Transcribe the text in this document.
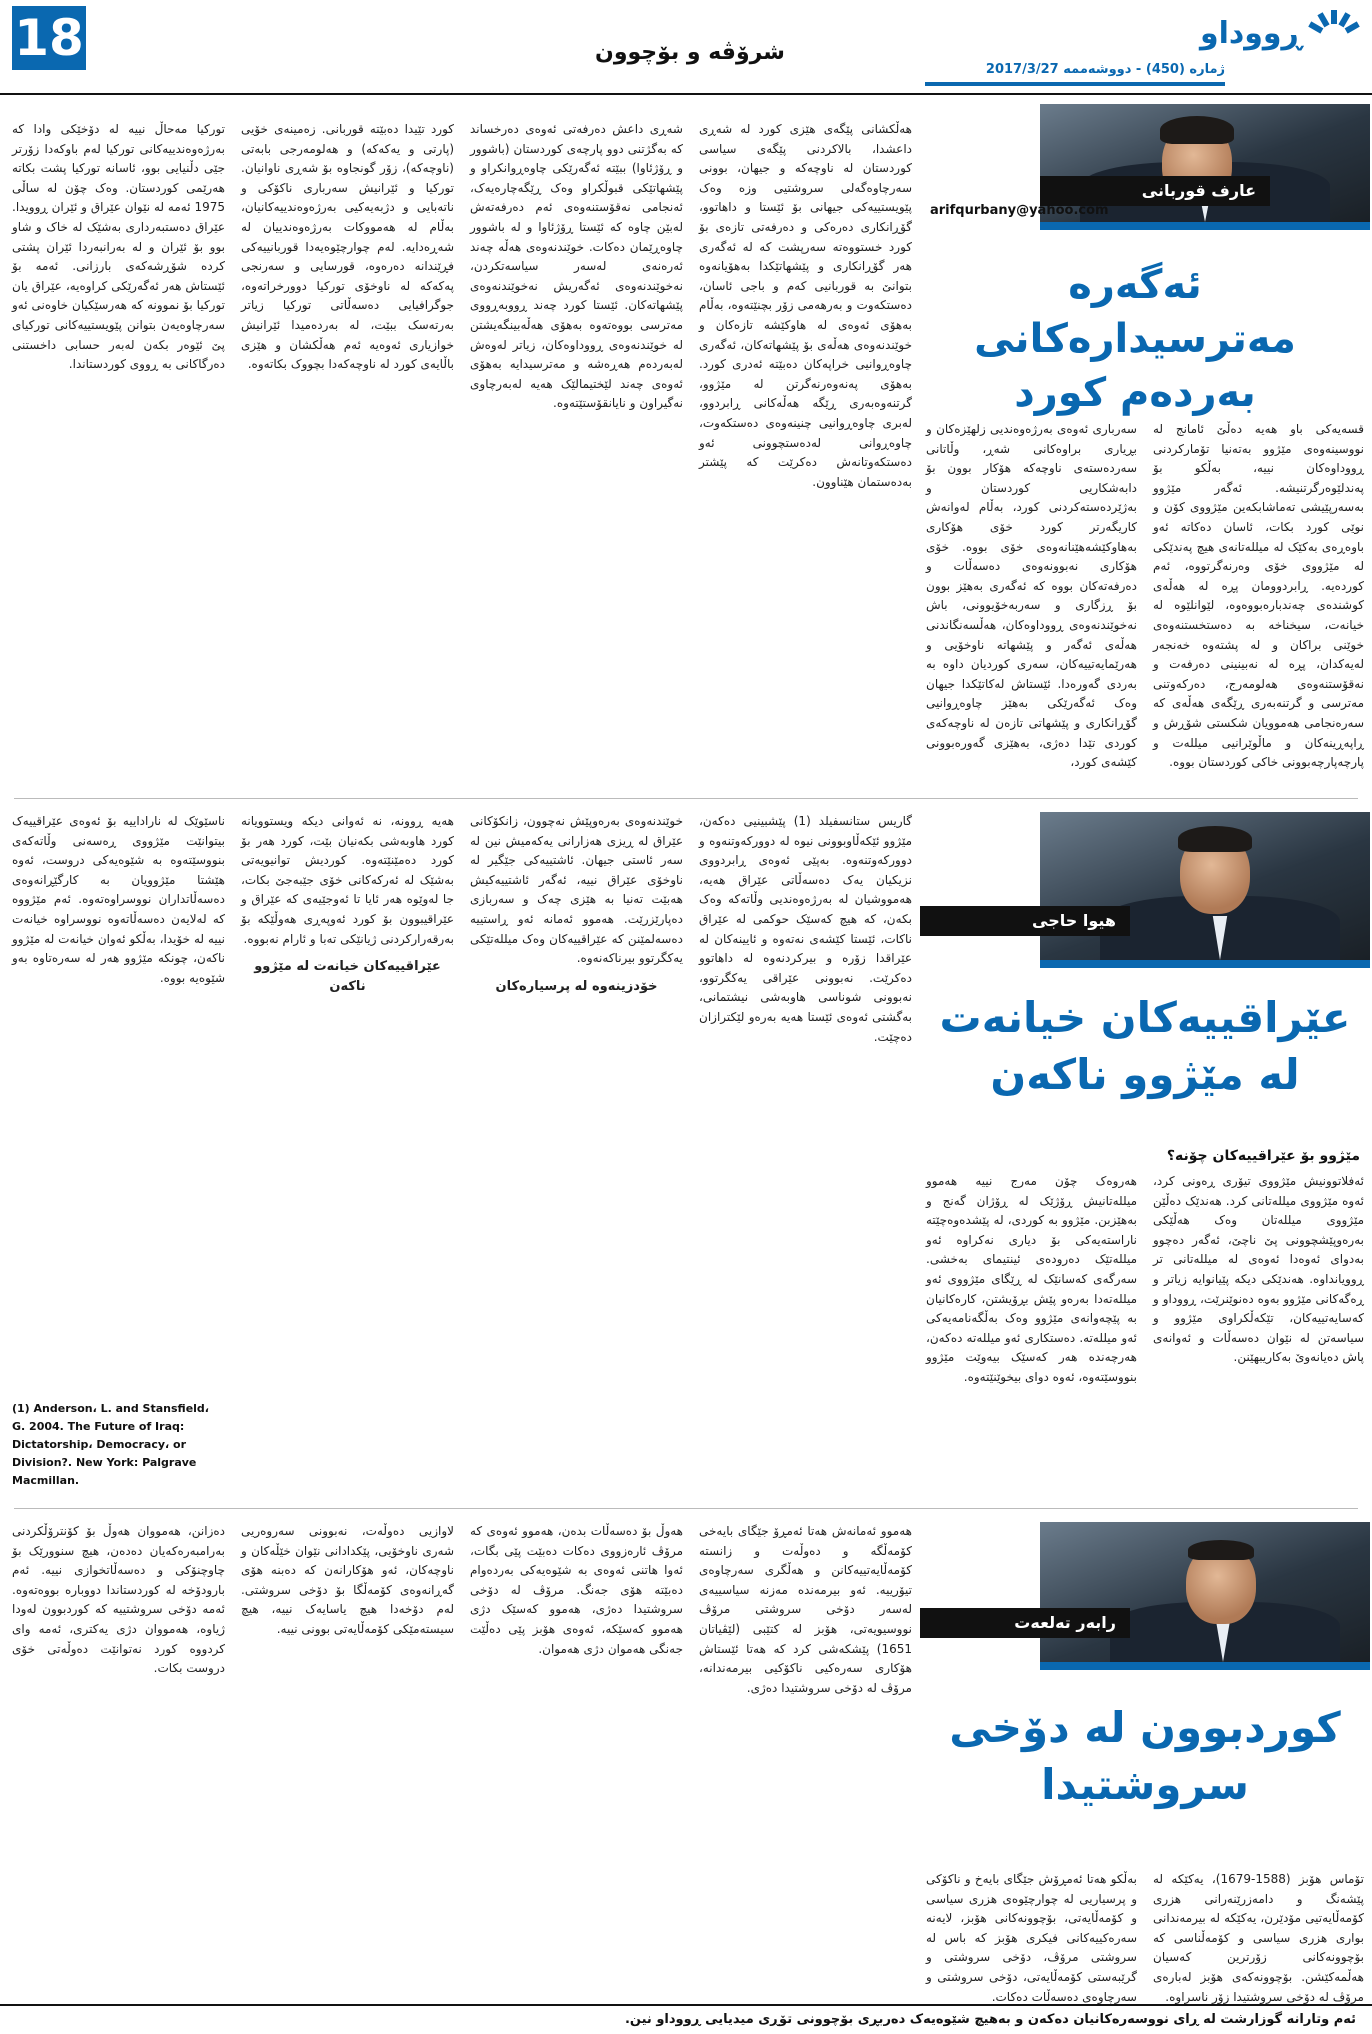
18	شرۆڤە و بۆچوون
ژمارە (450) - دووشەممە 2017/3/27
ڕووداو
عارف قوربانی
arifqurbany@yahoo.com
ئەگەرە مەترسیدارەکانی بەردەم کورد
هەڵکشانی پێگەی هێزی کورد لە شەڕی داعشدا، بالاکردنی پێگەی سیاسی کوردستان لە ناوچەکە و جیهان، بوونی سەرچاوەگەلی سروشتیی وزە وەک پێویستییەکی جیهانی بۆ ئێستا و داهاتوو، گۆڕانکاری دەرەکی و دەرفەتی تازەی بۆ کورد خستووەتە سەرپشت کە لە ئەگەری هەر گۆڕانکاری و پێشهاتێکدا بەهۆیانەوە بتوانێ بە قوربانیی کەم و باجی ئاسان، دەستکەوت و بەرهەمی زۆر بچنێتەوە، بەڵام بەهۆی ئەوەی لە هاوکێشە تازەکان و خوێندنەوەی هەڵەی بۆ پێشهاتەکان، ئەگەری چاوەڕوانیی خراپەکان دەبێتە ئەدری کورد. بەهۆی پەنەوەرنەگرتن لە مێژوو، گرتنەوەبەری ڕێگە هەڵەکانی ڕابردوو، لەبری چاوەڕوانیی چنینەوەی دەستکەوت، چاوەڕوانی لەدەستچوونی ئەو دەستکەوتانەش دەکرێت کە پێشتر بەدەستمان هێناوون.
شەڕی داعش دەرفەتی ئەوەی دەرخساند کە بەگژتنی دوو پارچەی کوردستان (باشوور و ڕۆژئاوا) ببێتە ئەگەرێکی چاوەڕوانکراو و پێشهاتێکی قبوڵکراو وەک ڕێگەچارەیەک، ئەنجامی نەقۆستنەوەی ئەم دەرفەتەش لەبێن چاوە کە ئێستا ڕۆژئاوا و لە باشوور چاوەڕێمان دەکات. خوێندنەوەی هەڵە چەند ئەرەنەی لەسەر سیاسەتکردن، نەخوێندنەوەی ئەگەریش نەخوێندنەوەی پێشهاتەکان. ئێستا کورد چەند ڕووبەڕووی مەترسی بووەتەوە بەهۆی هەڵەبینگەیشتن لە خوێندنەوەی ڕووداوەکان، زیاتر لەوەش لەبەردەم هەڕەشە و مەترسیدایە بەهۆی ئەوەی چەند لێختیمالێک هەیە لەبەرچاوی نەگیراون و نایانقۆستێتەوە.
کورد تێیدا دەبێتە قوربانی. زەمینەی خۆیی (پارتی و یەکەکە) و هەلومەرجی بابەتی (ناوچەکە)، زۆر گونجاوە بۆ شەڕی ناوانیان. تورکیا و ئێرانیش سەربارى ناکۆکی و ناتەبایی و دژبەیەکیی بەرژەوەندییەکانیان، بەڵام لە هەمووکات بەرژەوەندییان لە شەڕەدایە. لەم چوارچێوەیەدا قوربانییەکی فڕێندانە دەرەوە، قورسایی و سەرنجی پەکەکە لە ناوخۆی تورکیا دوورخراتەوە، جوگرافیایی دەسەڵاتی تورکیا زیاتر بەرتەسک ببێت، لە بەردەمیدا ئێرانیش خوازیاری ئەوەیە ئەم هەڵکشان و هێزی باڵایەی کورد لە ناوچەکەدا بچووک بکاتەوە.
تورکیا مەحاڵ نییە لە دۆخێکی وادا کە بەرژەوەندییەکانی تورکیا لەم باوکەدا زۆرتر جێی دڵنیایی بوو، ئاسانە تورکیا پشت بکاتە هەرێمی کوردستان. وەک چۆن لە ساڵی 1975 ئەمە لە نێوان عێراق و ئێران ڕوویدا. عێراق دەستبەرداری بەشێک لە خاک و شاو بوو بۆ ئێران و لە بەرانبەردا ئێران پشتی کردە شۆڕشەکەی بارزانی. ئەمە بۆ ئێستاش هەر ئەگەرێکی کراوەیە، عێراق یان تورکیا بۆ نموونە کە هەرسێکیان خاوەنی ئەو سەرچاوەیەن بتوانن پێویستییەکانی تورکیای پێ ئێوەر بکەن لەبەر حسابی داخستنی دەرگاکانی بە ڕووی کوردستاندا.
قسەیەکی باو هەیە دەڵێ ئامانج لە نووسینەوەی مێژوو بەتەنیا تۆمارکردنی ڕووداوەکان نییە، بەڵکو بۆ پەندلێوەرگرتنیشە. ئەگەر مێژوو بەسەرپێیشی تەماشابکەین مێژووی کۆن و نوێی کورد بکات، ئاسان دەکاتە ئەو باوەڕەی بەکێک لە میللەتانەی هیچ پەندێکی لە مێژووی خۆی وەرنەگرتووە، ئەم کوردەیە. ڕابردوومان پڕە لە هەڵەی کوشندەی چەندبارەبووەوە، لێوانلێوە لە خیانەت، سیخناخە بە دەستخستنەوەی خوێنی براکان و لە پشتەوە خەنجەر لەیەکدان، پڕە لە نەبینینی دەرفەت و نەقۆستنەوەی هەلومەرج، دەرکەوتنی مەترسی و گرتنەبەری ڕێگەی هەڵەی کە سەرەنجامی هەموویان شکستی شۆڕش و ڕاپەڕینەکان و ماڵوێرانیی میللەت و پارچەپارچەبوونی خاکی کوردستان بووە.
سەرباری ئەوەی بەرژەوەندیی زلهێزەکان و بڕیاری براوەکانی شەڕ، وڵاتانی سەردەستەی ناوچەکە هۆکار بوون بۆ دابەشکاریی کوردستان و بەژێردەستەکردنی کورد، بەڵام لەوانەش کاریگەرتر کورد خۆی هۆکاری بەهاوکێشەهێنانەوەی خۆی بووە. خۆی هۆکاری نەبوونەوەی دەسەڵات و دەرفەتەکان بووە کە ئەگەری بەهێز بوون بۆ ڕزگاری و سەربەخۆیوونی، باش نەخوێندنەوەی ڕووداوەکان، هەڵسەنگاندنی هەڵەی ئەگەر و پێشهاتە ناوخۆیی و هەرێمایەتییەکان، سەری کوردیان داوە بە بەردی گەورەدا. ئێستاش لەکاتێکدا جیهان وەک ئەگەرێکی بەهێز چاوەڕوانیی گۆڕانکاری و پێشهاتی تازەن لە ناوچەکەی کوردی تێدا دەژی، بەهێزی گەورەبوونی کێشەی کورد،
هیوا حاجی
عێراقییەکان خیانەت لە مێژوو ناکەن
مێژوو بۆ عێراقییەکان چۆنە؟
ئەفلاتوونیش مێژووی تیۆری ڕەونی کرد، ئەوە مێژووی میللەتانی کرد. هەندێک دەڵێن مێژووی میللەتان وەک هەڵێکی بەرەوپێشچوونی پێ ناچێ، ئەگەر دەچوو بەدوای ئەوەدا ئەوەی لە میللەتانی تر ڕوویانداوە. هەندێکی دیکە پێیانوایە زیاتر و ڕەگەکانی مێژوو بەوە دەنوێنرێت، ڕووداو و کەسایەتییەکان، تێکەڵکراوی مێژوو و سیاسەتن لە نێوان دەسەڵات و ئەوانەی پاش دەیانەوێ بەکاریبهێنن.
هەروەک چۆن مەرج نییە هەموو میللەتانیش ڕۆژێک لە ڕۆژان گەنج و بەهێزبن. مێژوو بە کوردی، لە پێشدەوەچێتە ناراستەیەکی بۆ دیاری نەکراوە ئەو میللەتێک دەرودەی ئینتیمای بەخشی. سەرگەی کەسانێک لە ڕێگای مێژووی ئەو میللەتەدا بەرەو پێش بڕۆیشتن، کارەکانیان بە پێچەوانەی مێژوو وەک بەڵگەنامەیەکی ئەو میللەتە. دەستکاری ئەو میللەتە دەکەن، هەرچەندە هەر کەسێک بیەوێت مێژوو بنووسێتەوە، ئەوە دوای بیخوێنێتەوە.
گاریس ستانسفیلد (1) پێشبینیی دەکەن، مێژوو ئێکەڵاوبوونی نیوە لە دوورکەوتنەوە و دوورکەوتنەوە. بەپێی ئەوەی ڕابردووی نزیکیان یەک دەسەڵاتی عێراق هەیە، هەمووشیان لە بەرژەوەندیی وڵاتەکە وەک بکەن، کە هیچ کەسێک حوکمی لە عێراق ناکات، ئێستا کێشەی نەتەوە و ئایینەکان لە عێراقدا زۆرە و بیرکردنەوە لە داهاتوو دەکرێت. نەبوونی عێراقی یەکگرتوو، نەبوونی شوناسی هاوبەشی نیشتمانی، بەگشتی ئەوەی ئێستا هەیە بەرەو لێکترازان دەچێت.
خوێندنەوەی بەرەوپێش نەچوون، زانکۆکانی عێراق لە ڕیزی هەزارانی یەکەمیش نین لە سەر ئاستی جیهان. ئاشتییەکی جێگیر لە ناوخۆی عێراق نییە، ئەگەر ئاشتییەکیش هەبێت تەنیا بە هێزی چەک و سەربازی دەپارێزرێت. هەموو ئەمانە ئەو ڕاستییە دەسەلمێنن کە عێراقییەکان وەک میللەتێکی یەکگرتوو بیرناکەنەوە.
خۆدزینەوە لە پرسیارەکان
هەیە ڕوونە، نە ئەوانی دیکە ویستوویانە کورد هاوبەشی بکەنیان بێت، کورد هەر بۆ کورد دەمێنێتەوە. کوردیش توانیویەتی بەشێک لە ئەرکەکانی خۆی جێبەجێ بکات، جا لەوێوە هەر ئایا تا ئەوجێیەی کە عێراق و عێراقیبوون بۆ کورد ئەوپەڕی هەوڵێکە بۆ بەرقەرارکردنی ژیانێکی تەبا و ئارام نەبووە.
عێراقییەکان خیانەت لە مێژوو ناکەن
ناسێوێک لە ناراداییە بۆ ئەوەی عێراقییەک بیتوانێت مێژووی ڕەسەنی وڵاتەکەی بنووسێتەوە بە شێوەیەکی دروست، ئەوە هێشتا مێژوویان بە کارگێڕانەوەی دەسەڵاتداران نووسراوەتەوە. ئەم مێژووە کە لەلایەن دەسەڵاتەوە نووسراوە خیانەت نییە لە خۆیدا، بەڵکو ئەوان خیانەت لە مێژوو ناکەن، چونکە مێژوو هەر لە سەرەتاوە بەو شێوەیە بووە.
(1) Anderson، L. and Stansfield، G. 2004. The Future of Iraq: Dictatorship، Democracy، or Division?. New York: Palgrave Macmillan.
رابەر تەلعەت
کوردبوون لە دۆخی سروشتیدا
تۆماس هۆبز (1588-1679)، یەکێکە لە پێشەنگ و دامەزرێنەرانی هزری کۆمەڵایەتیی مۆدێرن، یەکێکە لە بیرمەندانی بواری هزری سیاسی و کۆمەڵناسی کە بۆچوونەکانی زۆرترین کەسیان هەڵمەکێشن. بۆچوونەکەی هۆبز لەبارەی مرۆڤ لە دۆخی سروشتیدا زۆر ناسراوە.
بەڵکو هەتا ئەمڕۆش جێگای بایەخ و ناکۆکی و پرسیاریی لە چوارچێوەی هزری سیاسی و کۆمەڵایەتی، بۆچوونەکانی هۆبز، لایەنە سەرەکییەکانی فیکری هۆبز کە باس لە سروشتی مرۆڤ، دۆخی سروشتی و گرێبەستی کۆمەڵایەتی، دۆخی سروشتی و سەرچاوەی دەسەڵات دەکات.
هەموو ئەمانەش هەتا ئەمڕۆ جێگای بایەخی کۆمەڵگە و دەوڵەت و زانستە کۆمەڵایەتییەکانن و هەڵگری سەرچاوەی تیۆرییە. ئەو بیرمەندە مەزنە سیاسییەی لەسەر دۆخی سروشتی مرۆڤ نووسیویەتی، هۆبز لە کتێبی (لێڤیاتان 1651) پێشکەشی کرد کە هەتا ئێستاش هۆکاری سەرەکیی ناکۆکیی بیرمەندانە، مرۆڤ لە دۆخی سروشتیدا دەژی.
هەوڵ بۆ دەسەڵات بدەن، هەموو ئەوەی کە مرۆڤ ئارەزووی دەکات دەبێت پێی بگات، ئەوا هاتنی ئەوەی بە شێوەیەکی بەردەوام دەبێتە هۆی جەنگ. مرۆڤ لە دۆخی سروشتیدا دەژی، هەموو کەسێک دژی هەموو کەسێکە، ئەوەی هۆبز پێی دەڵێت جەنگی هەموان دژی هەموان.
لاوازیی دەوڵەت، نەبوونی سەروەریی شەری ناوخۆیی، پێکدادانی نێوان خێڵەکان و ناوچەکان، ئەو هۆکارانەن کە دەبنە هۆی گەڕانەوەی کۆمەڵگا بۆ دۆخی سروشتی. لەم دۆخەدا هیچ یاسایەک نییە، هیچ سیستەمێکی کۆمەڵایەتی بوونی نییە.
دەزانن، هەمووان هەوڵ بۆ کۆنترۆڵکردنی بەرامبەرەکەیان دەدەن، هیچ سنوورێک بۆ چاوچنۆکی و دەسەڵاتخوازی نییە. ئەم بارودۆخە لە کوردستاندا دووبارە بووەتەوە. ئەمە دۆخی سروشتییە کە کوردبوون لەودا ژیاوە، هەمووان دژی یەکتری، ئەمە وای کردووە کورد نەتوانێت دەوڵەتی خۆی دروست بکات.
ئەم وتارانە گوزارشت لە ڕای نووسەرەکانیان دەکەن و بەهیچ شێوەیەک دەربڕی بۆچوونی تۆڕی میدیایی ڕووداو نین.
